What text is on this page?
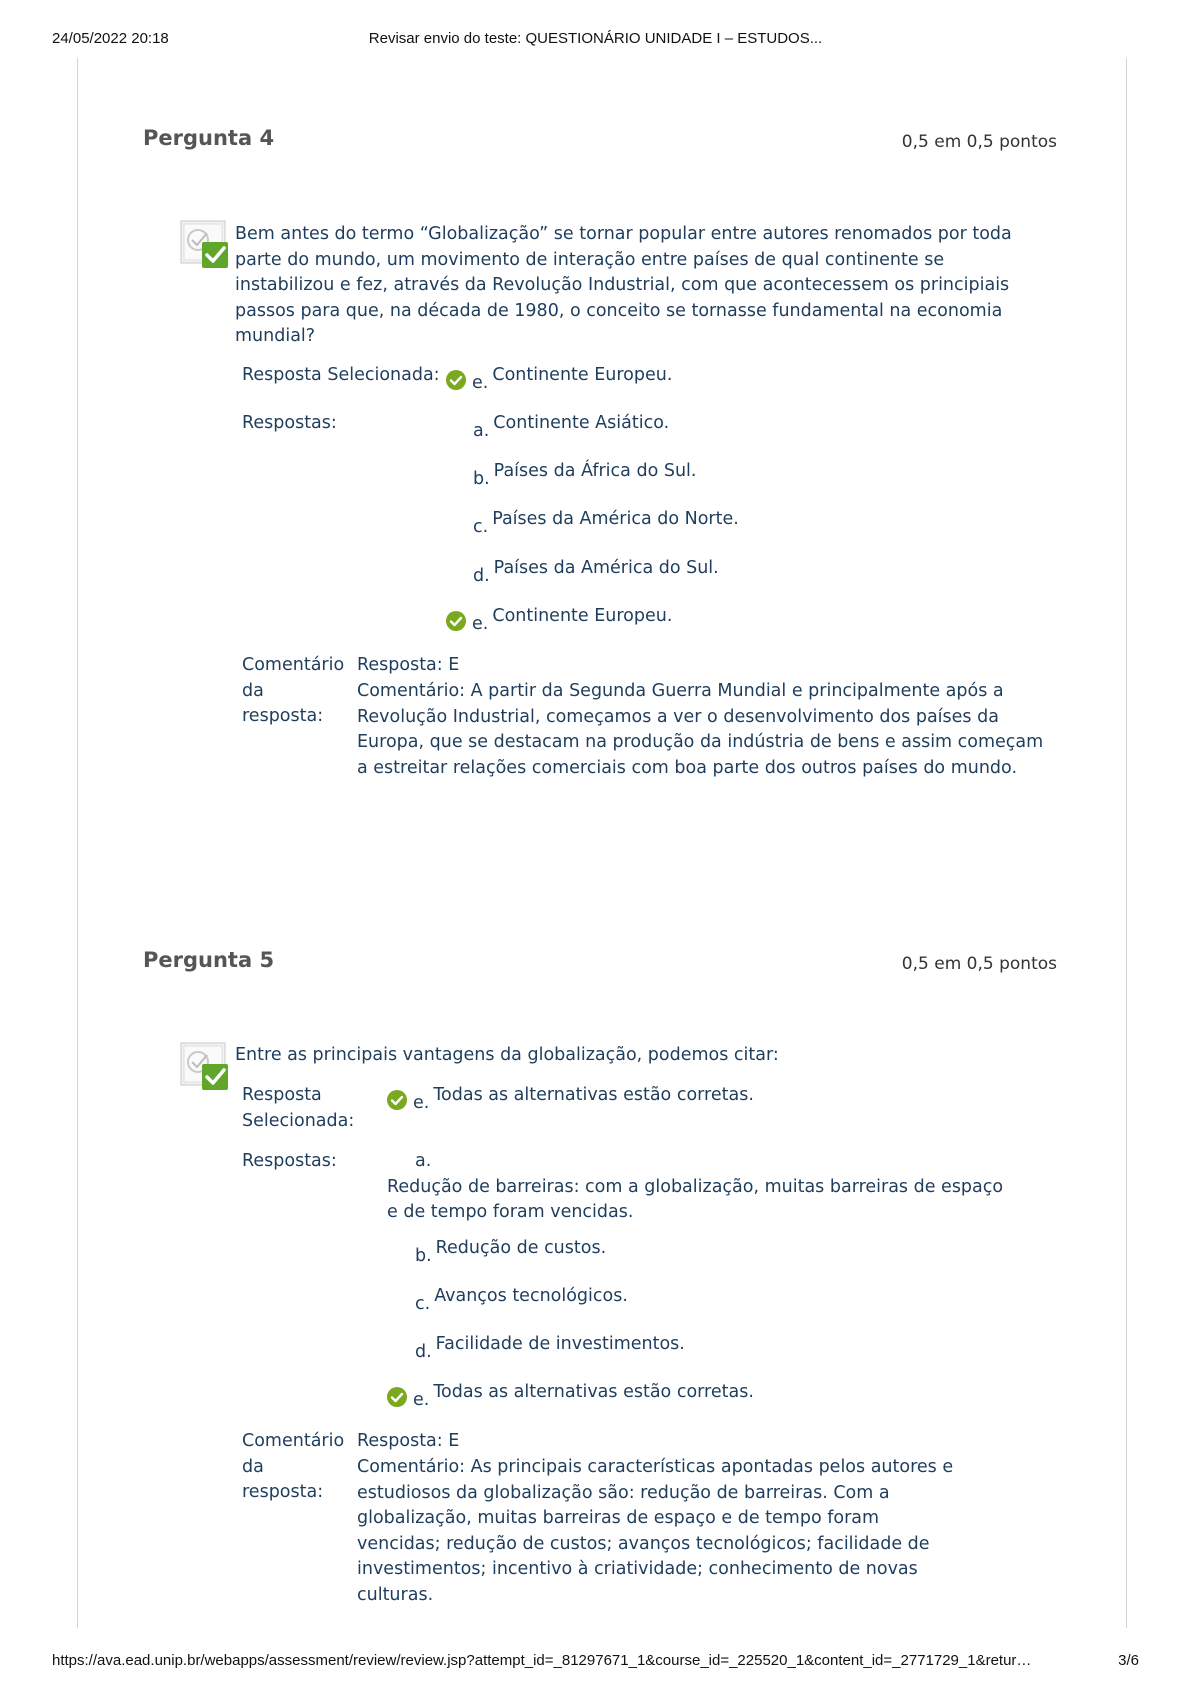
24/05/2022 20:18	Revisar envio do teste: QUESTIONÁRIO UNIDADE I – ESTUDOS...
Pergunta 4	0,5 em 0,5 pontos
Bem antes do termo “Globalização” se tornar popular entre autores renomados por toda parte do mundo, um movimento de interação entre países de qual continente se instabilizou e fez, através da Revolução Industrial, com que acontecessem os principiais passos para que, na década de 1980, o conceito se tornasse fundamental na economia mundial?
Resposta Selecionada:	e. Continente Europeu.
Respostas:	a. Continente Asiático.
b. Países da África do Sul.
c. Países da América do Norte.
d. Países da América do Sul.
e. Continente Europeu.
Comentário da resposta:
Resposta: E
Comentário: A partir da Segunda Guerra Mundial e principalmente após a Revolução Industrial, começamos a ver o desenvolvimento dos países da Europa, que se destacam na produção da indústria de bens e assim começam a estreitar relações comerciais com boa parte dos outros países do mundo.
Pergunta 5	0,5 em 0,5 pontos
Entre as principais vantagens da globalização, podemos citar:
Resposta Selecionada:
e. Todas as alternativas estão corretas.
Respostas:	a.
Redução de barreiras: com a globalização, muitas barreiras de espaço e de tempo foram vencidas.
b. Redução de custos.
c. Avanços tecnológicos.
d. Facilidade de investimentos.
e. Todas as alternativas estão corretas.
Comentário da resposta:
Resposta: E
Comentário: As principais características apontadas pelos autores e estudiosos da globalização são: redução de barreiras. Com a globalização, muitas barreiras de espaço e de tempo foram vencidas; redução de custos; avanços tecnológicos; facilidade de investimentos; incentivo à criatividade; conhecimento de novas culturas.
https://ava.ead.unip.br/webapps/assessment/review/review.jsp?attempt_id=_81297671_1&course_id=_225520_1&content_id=_2771729_1&retur…	3/6
